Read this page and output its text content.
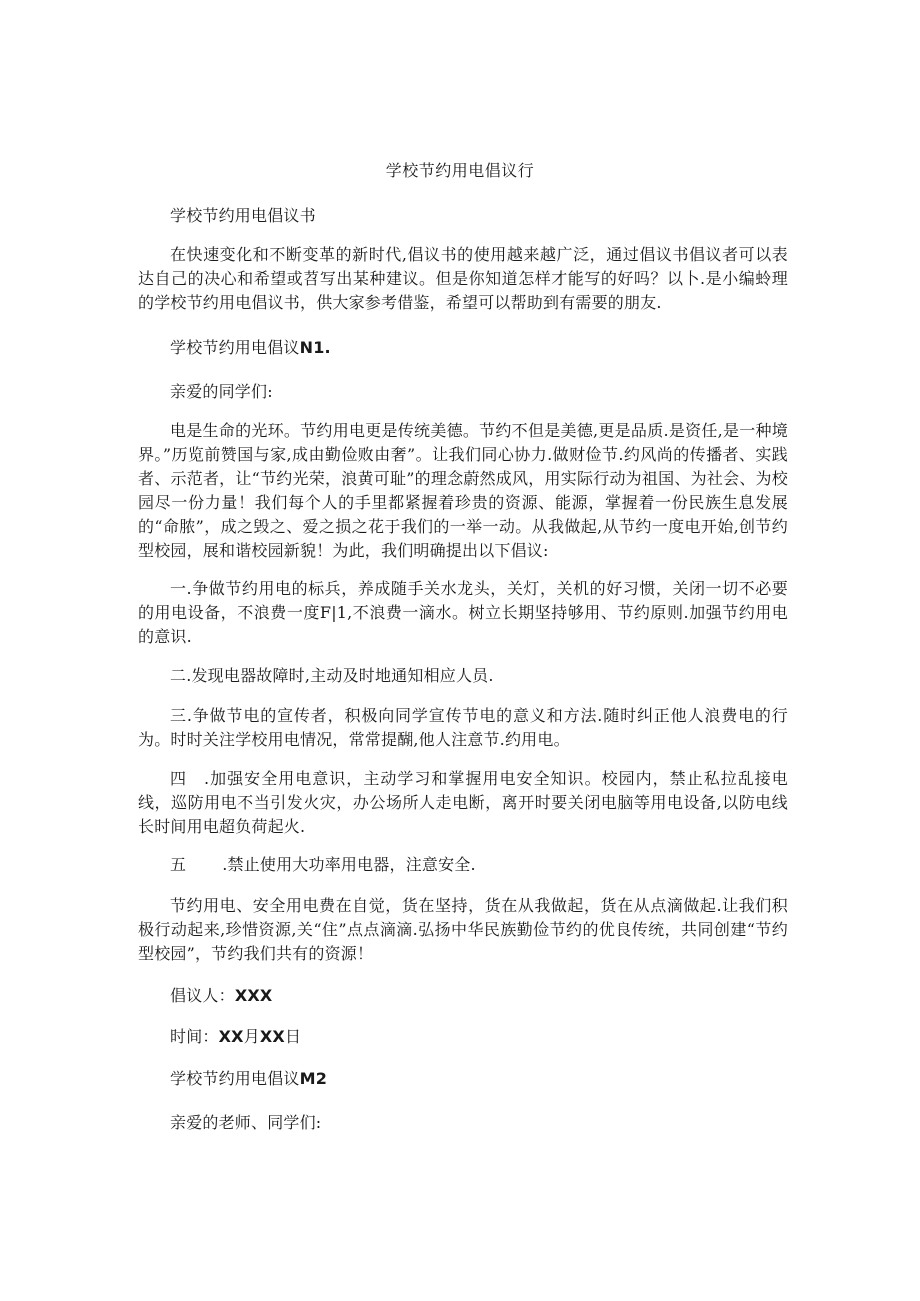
学校节约用电倡议行
学校节约用电倡议书

在快速变化和不断变革的新时代,倡议书的使用越来越广泛，通过倡议书倡议者可以表达自己的决心和希望或苕写出某种建议。但是你知道怎样才能写的好吗？以卜.是小编蛉理的学校节约用电倡议书，供大家参考借鉴，希望可以帮助到有需要的朋友.

学校节约用电倡议N1.
亲爱的同学们:

电是生命的光环。节约用电更是传统美德。节约不但是美德,更是品质.是资任,是一种境界。”历览前赞国与家,成由勤俭败由奢”。让我们同心协力.做财俭节.约风尚的传播者、实践者、示范者，让“节约光荣，浪黄可耻”的理念蔚然成风，用实际行动为祖国、为社会、为校园尽一份力量！我们每个人的手里都紧握着珍贵的资源、能源，掌握着一份民族生息发展的“命脓”，成之毁之、爱之损之花于我们的一举一动。从我做起,从节约一度电开始,创节约型校园，展和谐校园新貌！为此，我们明确提出以下倡议:

一.争做节约用电的标兵，养成随手关水龙头，关灯，关机的好习惯，关闭一切不必要的用电设备，不浪费一度F|1,不浪费一滴水。树立长期坚持够用、节约原则.加强节约用电的意识.

二.发现电器故障时,主动及时地通知相应人员.

三.争做节电的宣传者，积极向同学宣传节电的意义和方法.随时纠正他人浪费电的行为。时时关注学校用电情况，常常提醐,他人注意节.约用电。

四　.加强安全用电意识，主动学习和掌握用电安全知识。校园内，禁止私拉乱接电线，巡防用电不当引发火灾，办公场所人走电断，离开时要关闭电脑等用电设备,以防电线长时间用电超负荷起火.

五 .禁止使用大功率用电器，注意安全.

节约用电、安全用电费在自觉，货在坚持，货在从我做起，货在从点滴做起.让我们积极行动起来,珍惜资源,关“住”点点滴滴.弘扬中华民族勤俭节约的优良传统，共同创建“节约型校园”，节约我们共有的资源！

倡议人：XXX
时间：XX月XX日
学校节约用电倡议M2
亲爱的老师、同学们:
